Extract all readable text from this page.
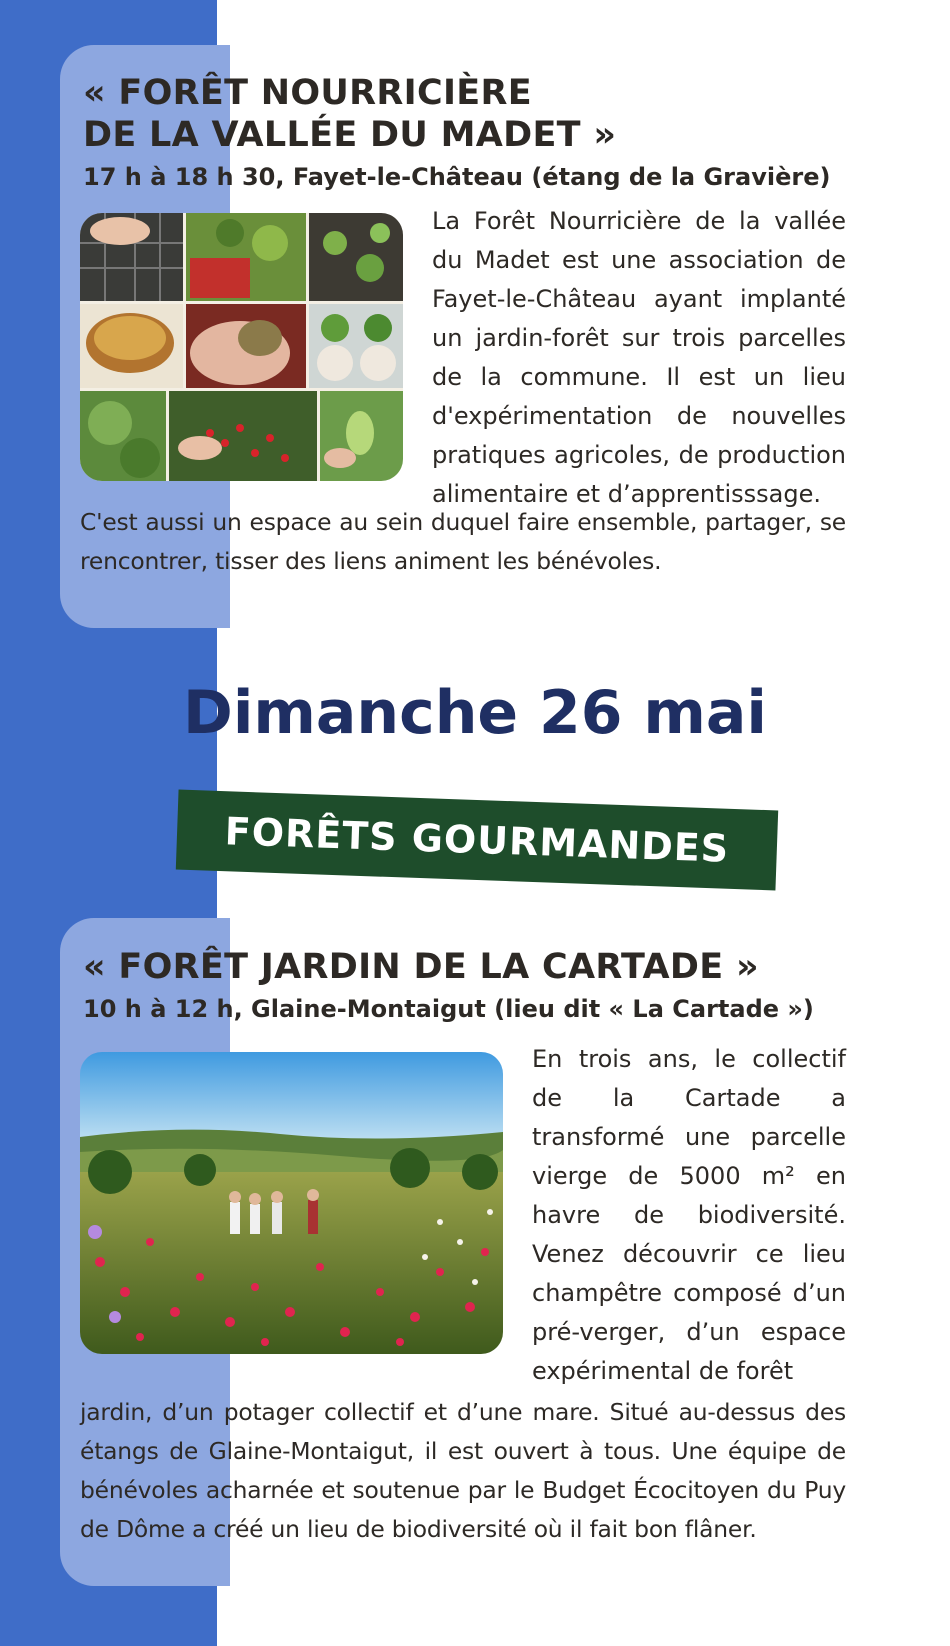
« FORÊT NOURRICIÈRE
DE LA VALLÉE DU MADET »

17 h à 18 h 30, Fayet-le-Château (étang de la Gravière)

La Forêt Nourricière de la vallée du Madet est une association de Fayet-le-Château ayant implanté un jardin-forêt sur trois parcelles de la commune. Il est un lieu d'expérimentation de nouvelles pratiques agricoles, de production alimentaire et d’apprentisssage.

C'est aussi un espace au sein duquel faire ensemble, partager, se rencontrer, tisser des liens animent les bénévoles.

Dimanche 26 mai
FORÊTS GOURMANDES
« FORÊT JARDIN DE LA CARTADE »

10 h à 12 h, Glaine-Montaigut (lieu dit « La Cartade »)

En trois ans, le collectif de la Cartade a transformé une parcelle vierge de 5000 m² en havre de biodiversité. Venez découvrir ce lieu champêtre composé d’un pré-verger, d’un espace expérimental de forêt

jardin, d’un potager collectif et d’une mare. Situé au-dessus des étangs de Glaine-Montaigut, il est ouvert à tous. Une équipe de bénévoles acharnée et soutenue par le Budget Écocitoyen du Puy de Dôme a créé un lieu de biodiversité où il fait bon flâner.
